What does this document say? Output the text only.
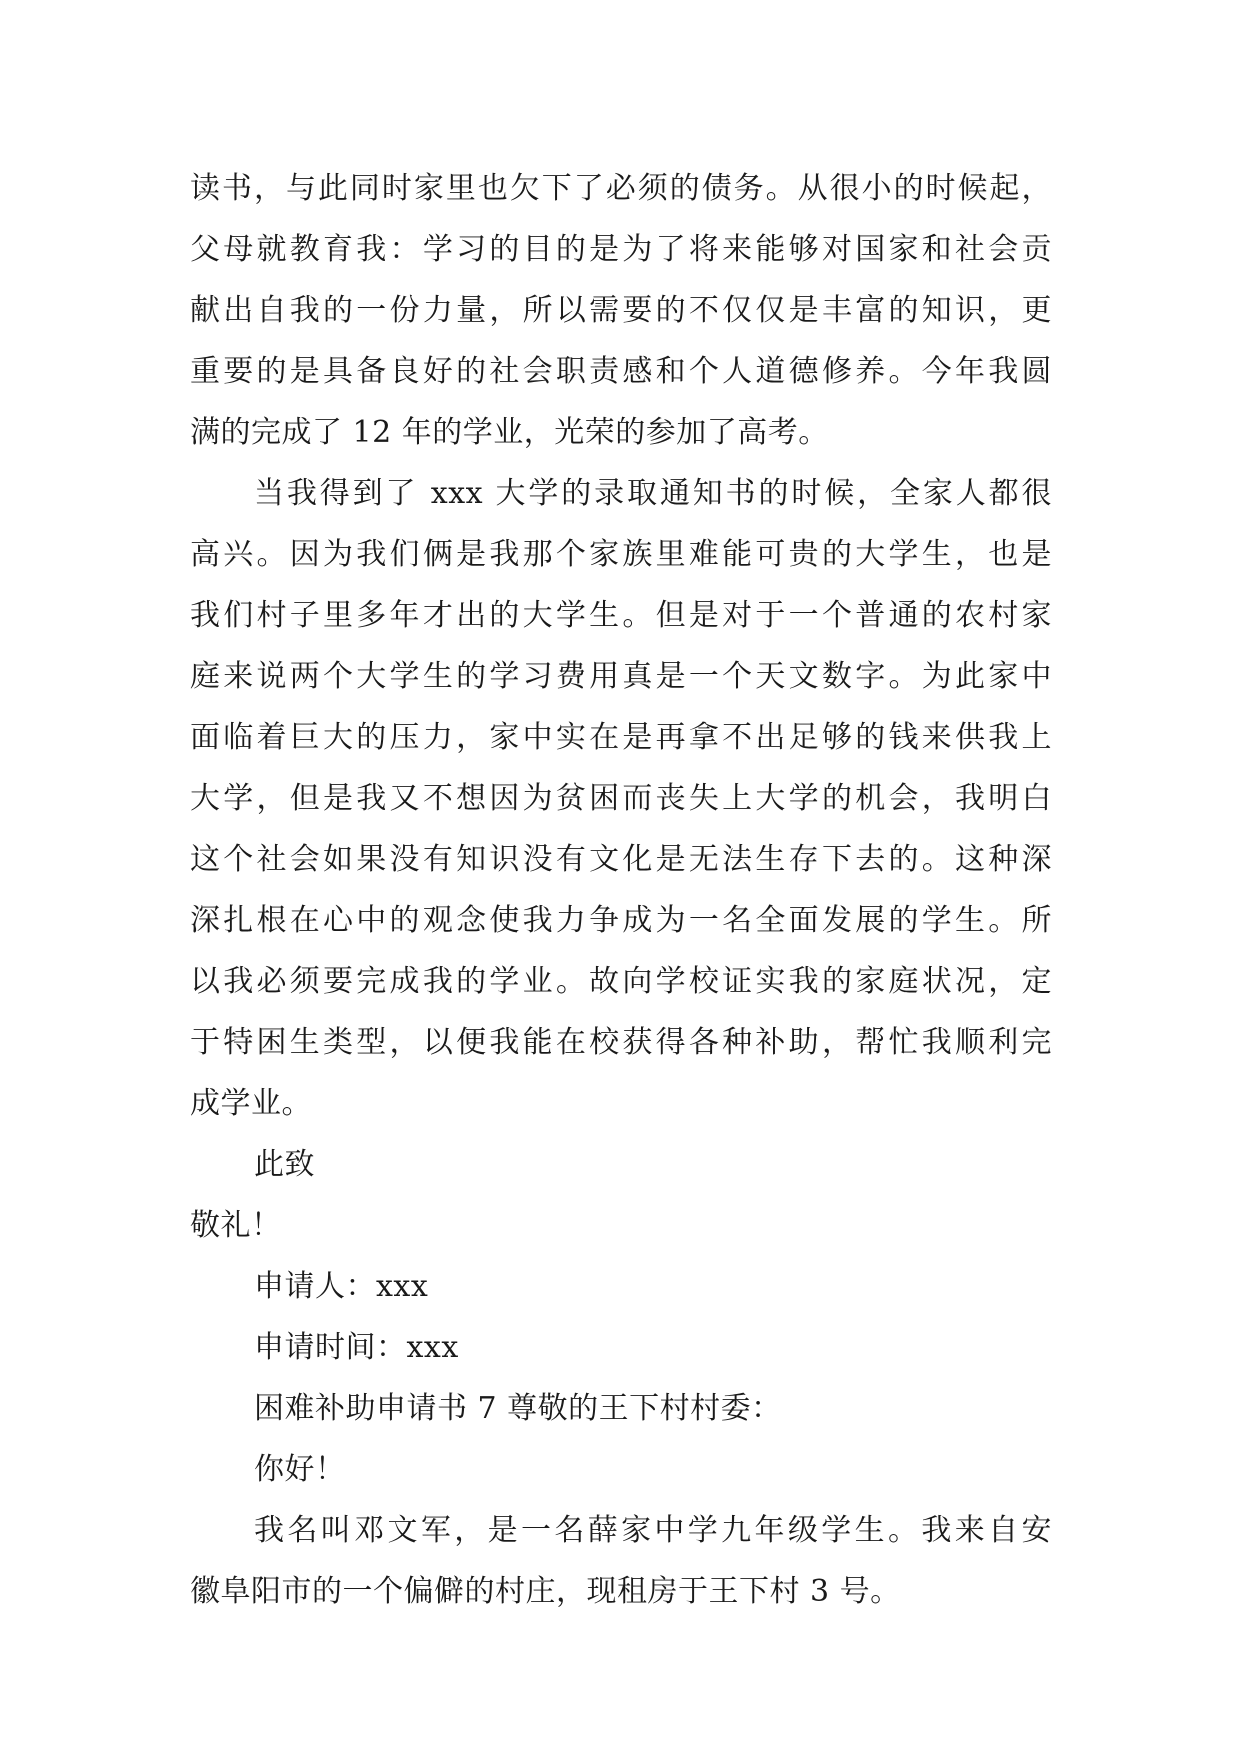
读书，与此同时家里也欠下了必须的债务。从很小的时候起，
父母就教育我：学习的目的是为了将来能够对国家和社会贡
献出自我的一份力量，所以需要的不仅仅是丰富的知识，更
重要的是具备良好的社会职责感和个人道德修养。今年我圆
满的完成了 12 年的学业，光荣的参加了高考。
当我得到了 xxx 大学的录取通知书的时候，全家人都很
高兴。因为我们俩是我那个家族里难能可贵的大学生，也是
我们村子里多年才出的大学生。但是对于一个普通的农村家
庭来说两个大学生的学习费用真是一个天文数字。为此家中
面临着巨大的压力，家中实在是再拿不出足够的钱来供我上
大学，但是我又不想因为贫困而丧失上大学的机会，我明白
这个社会如果没有知识没有文化是无法生存下去的。这种深
深扎根在心中的观念使我力争成为一名全面发展的学生。所
以我必须要完成我的学业。故向学校证实我的家庭状况，定
于特困生类型，以便我能在校获得各种补助，帮忙我顺利完
成学业。
此致
敬礼！
申请人：xxx
申请时间：xxx
困难补助申请书 7 尊敬的王下村村委：
你好！
我名叫邓文军，是一名薛家中学九年级学生。我来自安
徽阜阳市的一个偏僻的村庄，现租房于王下村 3 号。
